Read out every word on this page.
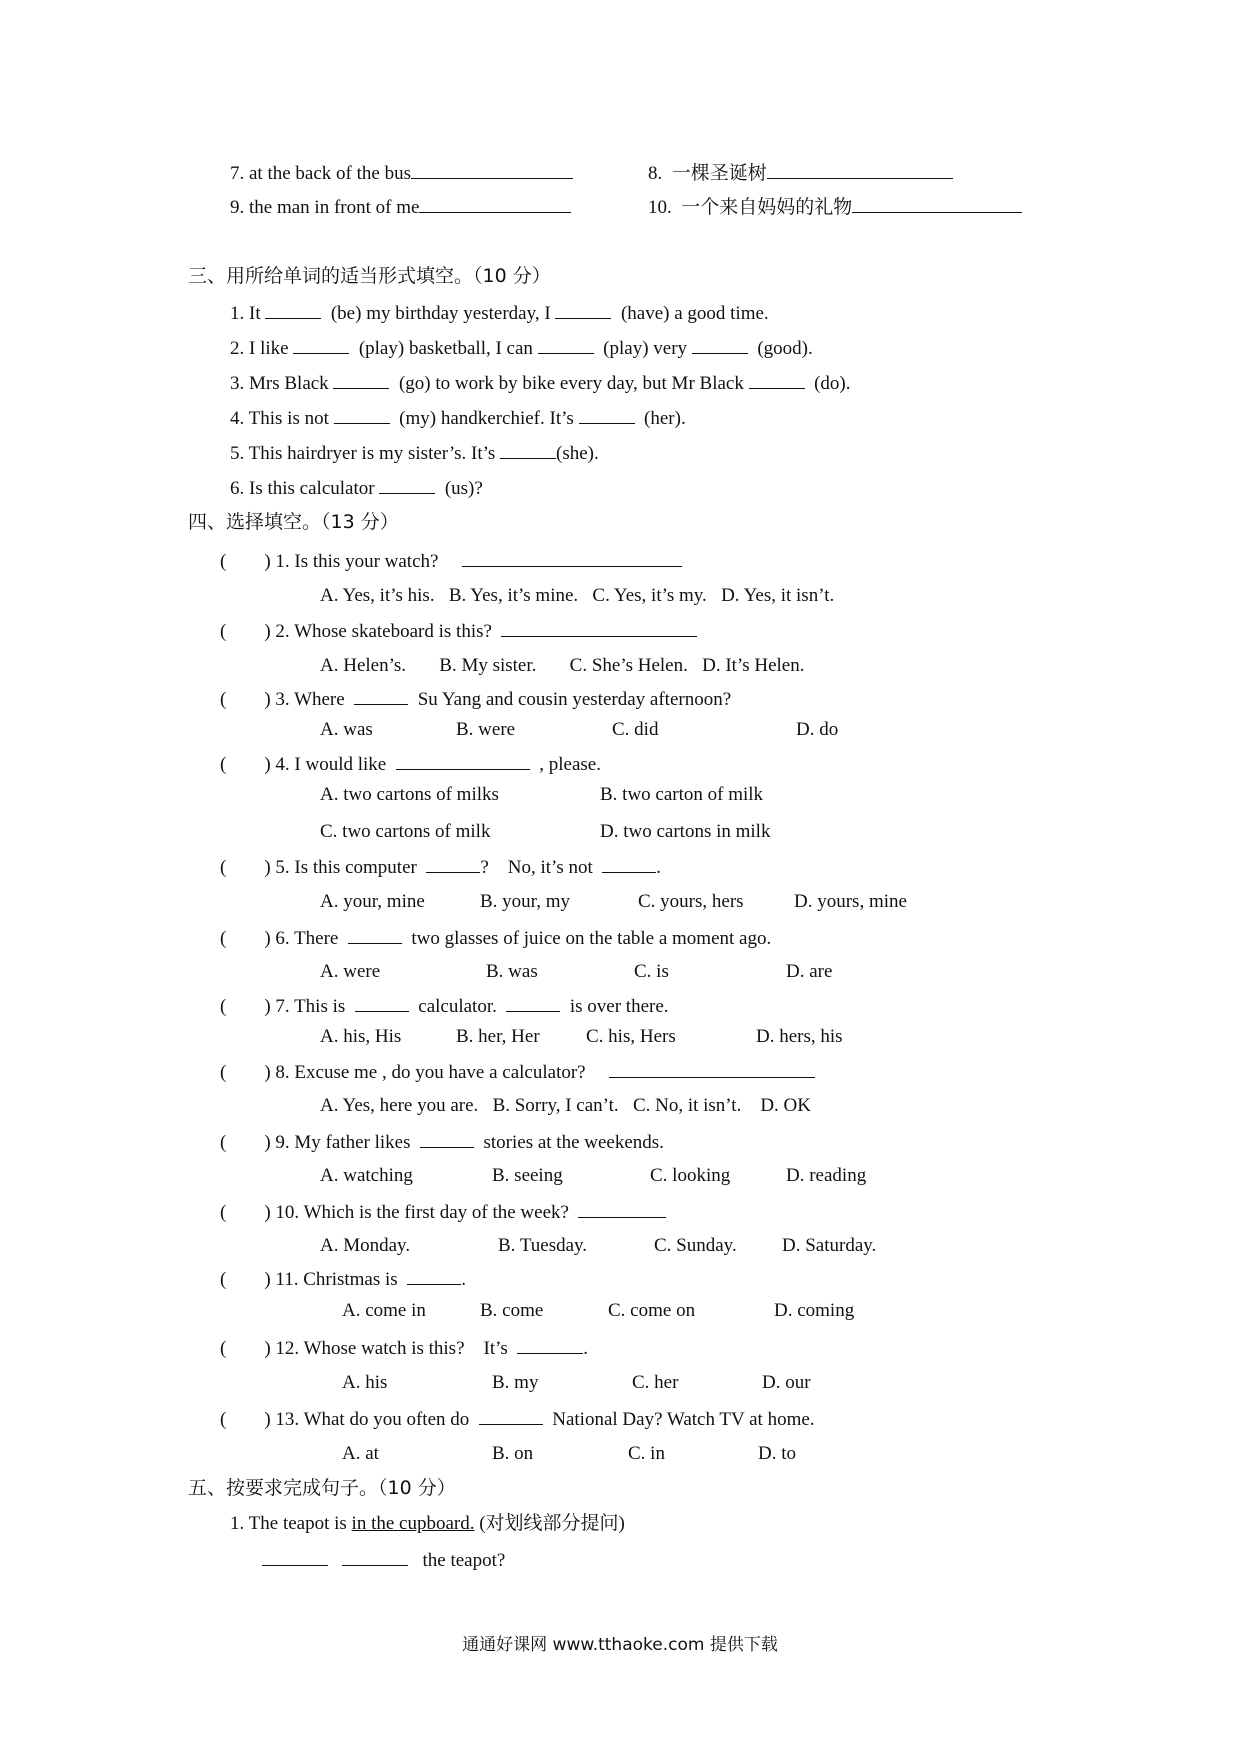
7. at the back of the bus	8.  一棵圣诞树
9. the man in front of me	10.  一个来自妈妈的礼物
三、用所给单词的适当形式填空。（10 分）
1. It	(be) my birthday yesterday, I	(have) a good time.
2. I like	(play) basketball, I can	(play) very	(good).
3. Mrs Black	(go) to work by bike every day, but Mr Black	(do).
4. This is not	(my) handkerchief. It’s	(her).
5. This hairdryer is my sister’s. It’s	(she).
6. Is this calculator	(us)?
四、选择填空。（13 分）
( ) 1. Is this your watch?
A. Yes, it’s his. B. Yes, it’s mine. C. Yes, it’s my. D. Yes, it isn’t.
( ) 2. Whose skateboard is this?
A. Helen’s. B. My sister. C. She’s Helen. D. It’s Helen.
( ) 3. Where	Su Yang and cousin yesterday afternoon?
A. was	B. were	C. did	D. do
( ) 4. I would like	, please.
A. two cartons of milks	B. two carton of milk
C. two cartons of milk	D. two cartons in milk
( ) 5. Is this computer	?    No, it’s not	.
A. your, mine	B. your, my	C. yours, hers	D. yours, mine
( ) 6. There	two glasses of juice on the table a moment ago.
A. were	B. was	C. is	D. are
( ) 7. This is	calculator.	is over there.
A. his, His	B. her, Her C. his, Hers	D. hers, his
( ) 8. Excuse me , do you have a calculator?
A. Yes, here you are. B. Sorry, I can’t. C. No, it isn’t. D. OK
( ) 9. My father likes	stories at the weekends.
A. watching	B. seeing	C. looking	D. reading
( ) 10. Which is the first day of the week?
A. Monday.	B. Tuesday.	C. Sunday. D. Saturday.
( ) 11. Christmas is	.
A. come in	B. come	C. come on	D. coming
( ) 12. Whose watch is this?    It’s	.
A. his	B. my	C. her	D. our
( ) 13. What do you often do	National Day? Watch TV at home.
A. at	B. on	C. in	D. to
五、按要求完成句子。（10 分）
1. The teapot is in the cupboard. (对划线部分提问)
the teapot?
通通好课网 www.tthaoke.com 提供下载
